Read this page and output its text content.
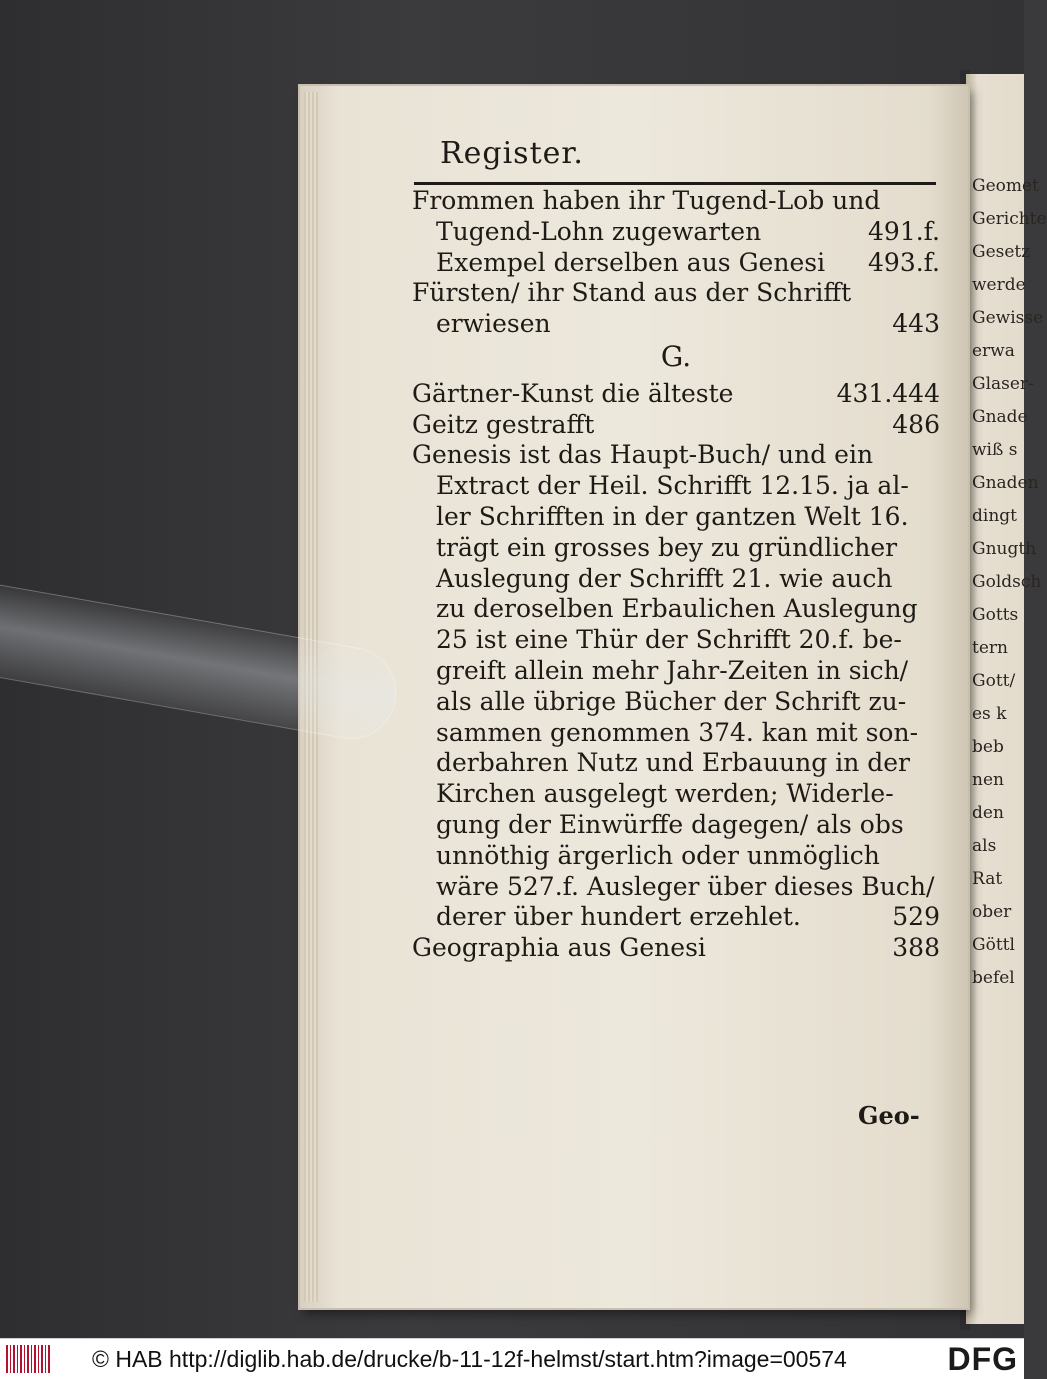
Geomet
Gerichte
Gesetz
werde
Gewisse
erwa
Glaser-
Gnade
wiß s
Gnaden
dingt
Gnugth
Goldsch
Gotts
tern
Gott/
es k
beb
nen
den
als
Rat
ober
Göttl
befel
Register.
Frommen haben ihr Tugend-Lob und
Tugend-Lohn zugewarten	491.f.
Exempel derselben aus Genesi	493.f.
Fürsten/ ihr Stand aus der Schrifft
erwiesen	443
G.
Gärtner-Kunst die älteste	431.444
Geitz gestrafft	486
Genesis ist das Haupt-Buch/ und ein
Extract der Heil. Schrifft 12.15. ja al-
ler Schrifften in der gantzen Welt 16.
trägt ein grosses bey zu gründlicher
Auslegung der Schrifft 21. wie auch
zu deroselben Erbaulichen Auslegung
25 ist eine Thür der Schrifft 20.f. be-
greift allein mehr Jahr-Zeiten in sich/
als alle übrige Bücher der Schrift zu-
sammen genommen 374. kan mit son-
derbahren Nutz und Erbauung in der
Kirchen ausgelegt werden; Widerle-
gung der Einwürffe dagegen/ als obs
unnöthig ärgerlich oder unmöglich
wäre 527.f. Ausleger über dieses Buch/
derer über hundert erzehlet.	529
Geographia aus Genesi	388
Geo-
© HAB http://diglib.hab.de/drucke/b-11-12f-helmst/start.htm?image=00574	DFG
